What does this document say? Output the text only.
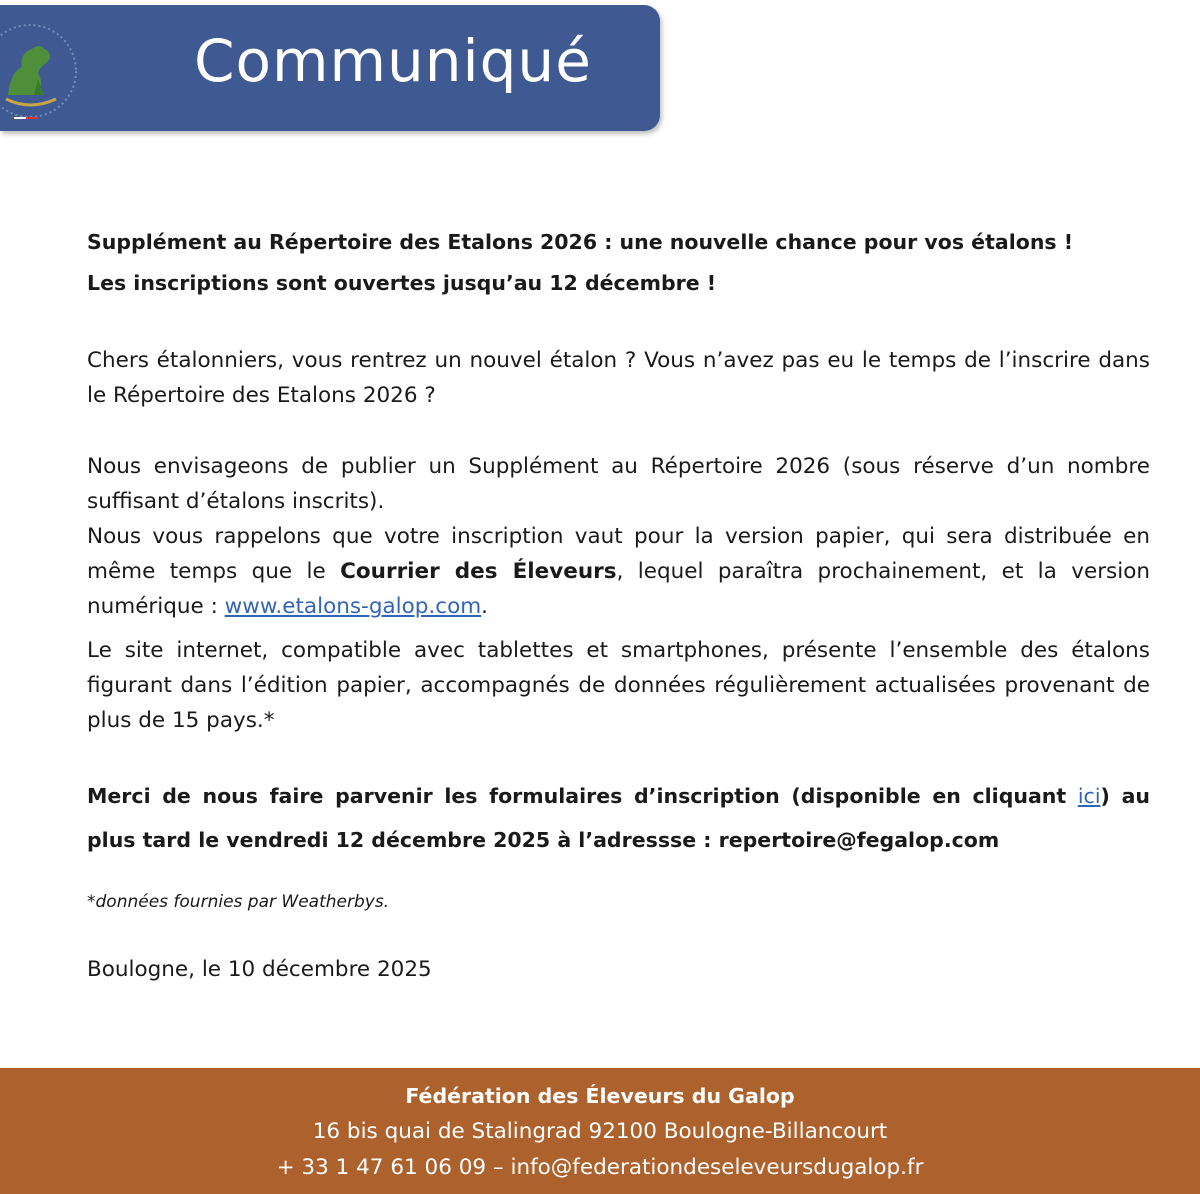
Communiqué

Supplément au Répertoire des Etalons 2026 : une nouvelle chance pour vos étalons !

Les inscriptions sont ouvertes jusqu’au 12 décembre !

Chers étalonniers, vous rentrez un nouvel étalon ? Vous n’avez pas eu le temps de l’inscrire dans le Répertoire des Etalons 2026 ?

Nous envisageons de publier un Supplément au Répertoire 2026 (sous réserve d’un nombre suffisant d’étalons inscrits).

Nous vous rappelons que votre inscription vaut pour la version papier, qui sera distribuée en même temps que le Courrier des Éleveurs, lequel paraîtra prochainement, et la version numérique : www.etalons-galop.com.

Le site internet, compatible avec tablettes et smartphones, présente l’ensemble des étalons figurant dans l’édition papier, accompagnés de données régulièrement actualisées provenant de plus de 15 pays.*

Merci de nous faire parvenir les formulaires d’inscription (disponible en cliquant ici) au plus tard le vendredi 12 décembre 2025 à l’adressse : repertoire@fegalop.com

*données fournies par Weatherbys.

Boulogne, le 10 décembre 2025

Fédération des Éleveurs du Galop
16 bis quai de Stalingrad 92100 Boulogne-Billancourt
+ 33 1 47 61 06 09 – info@federationdeseleveursdugalop.fr
